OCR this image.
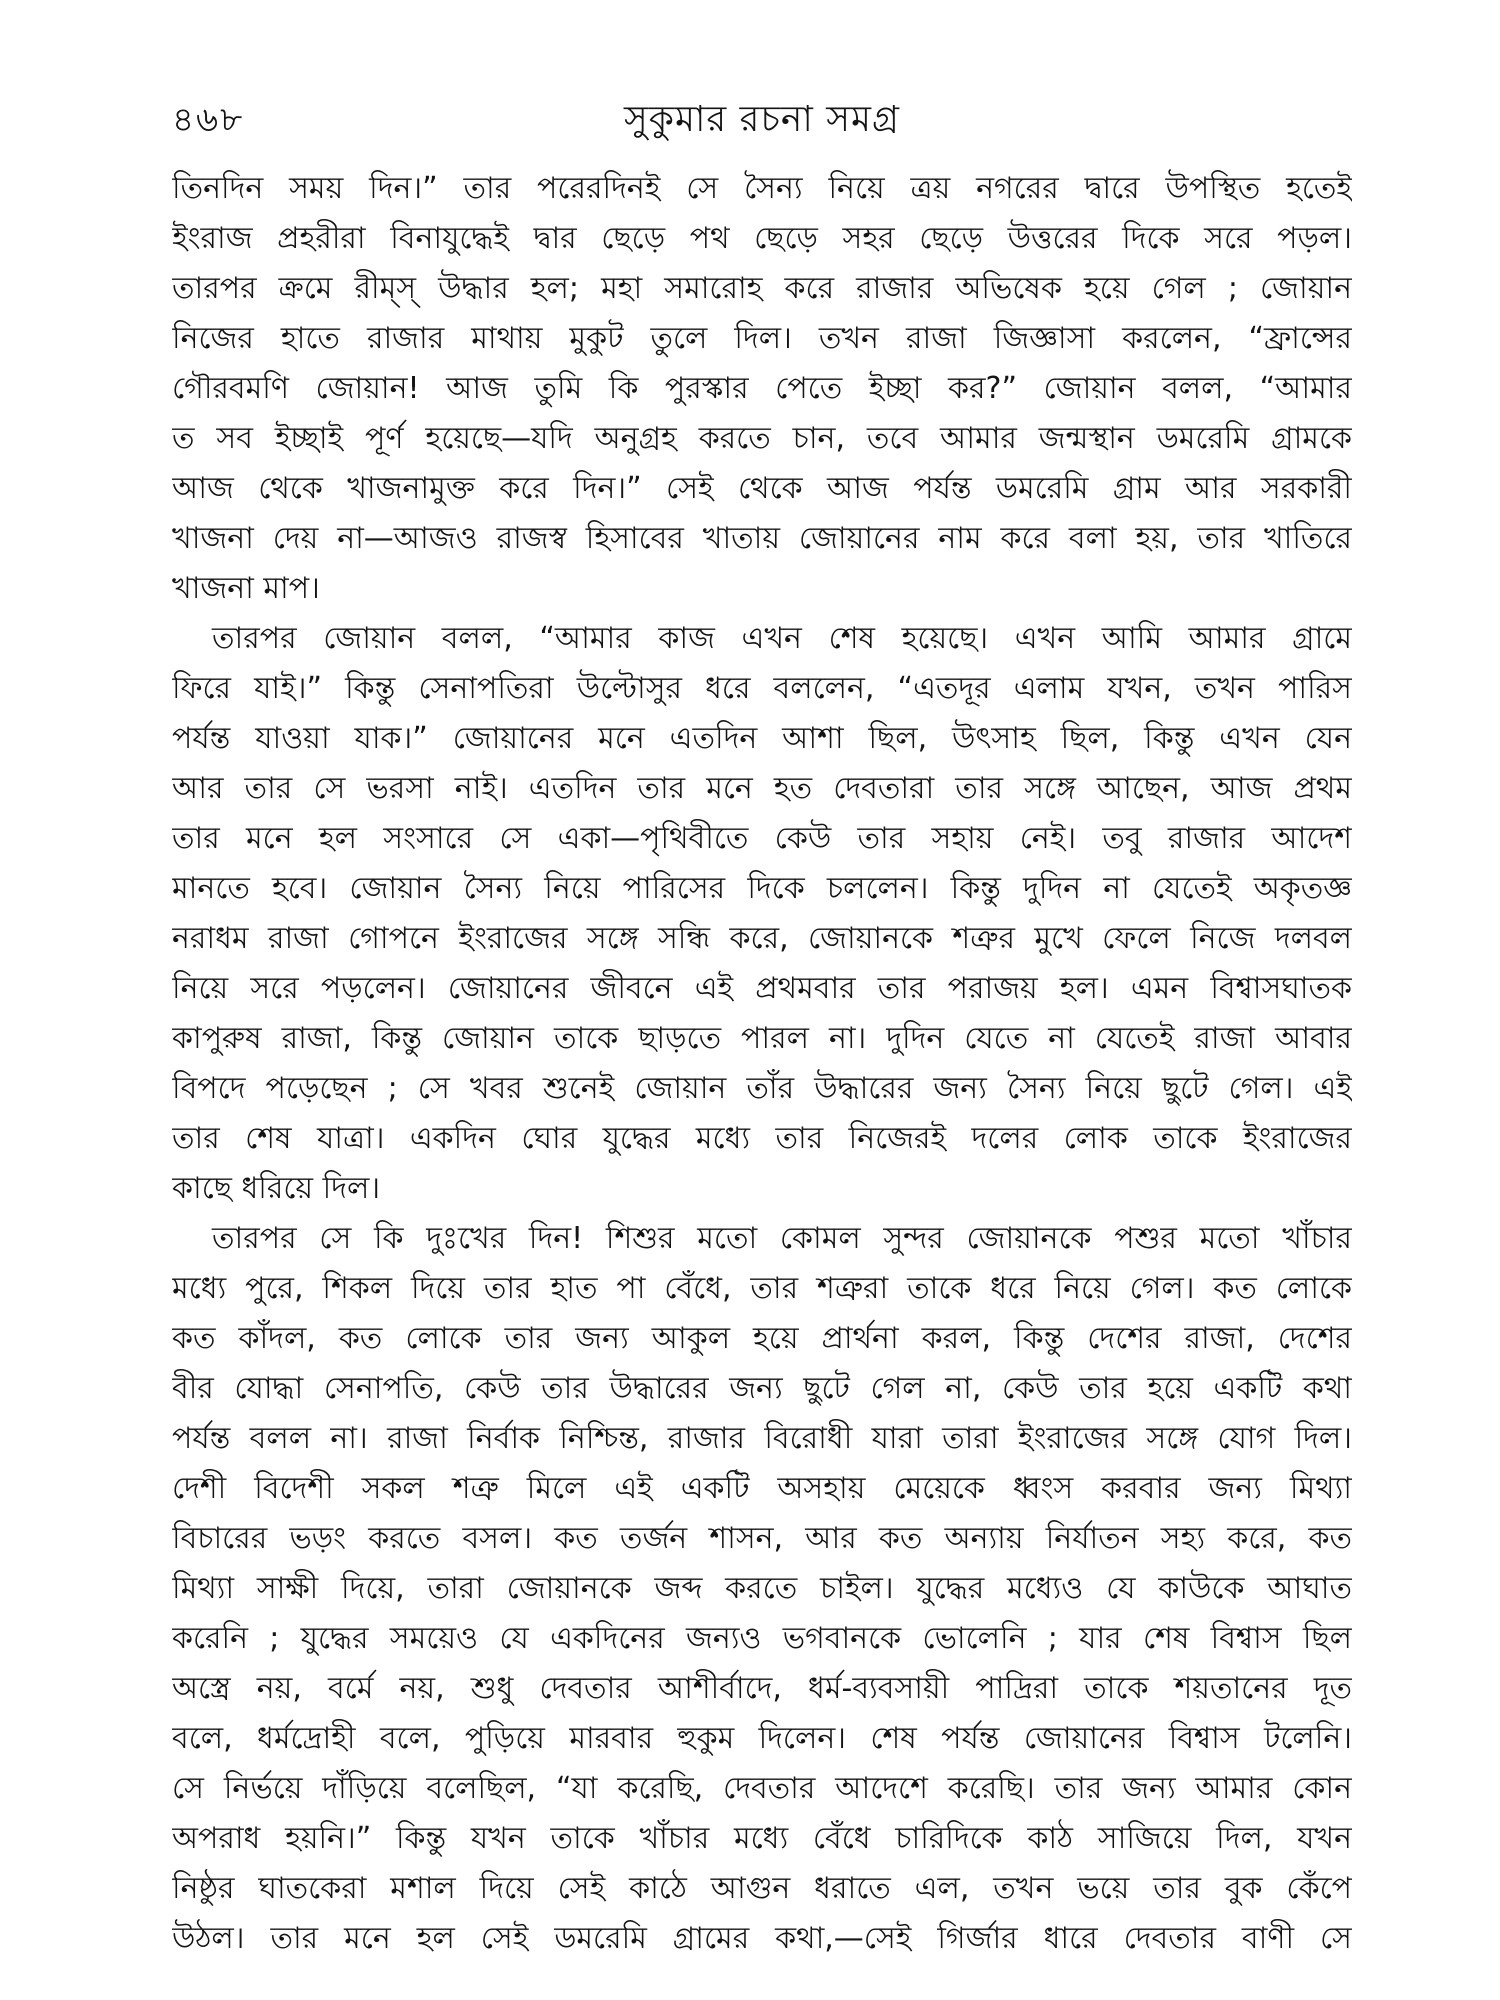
৪৬৮	সুকুমার রচনা সমগ্র
তিনদিন সময় দিন।” তার পরেরদিনই সে সৈন্য নিয়ে ত্রয় নগরের দ্বারে উপস্থিত হতেই
ইংরাজ প্রহরীরা বিনাযুদ্ধেই দ্বার ছেড়ে পথ ছেড়ে সহর ছেড়ে উত্তরের দিকে সরে পড়ল।
তারপর ক্রমে রীম্‌স্‌ উদ্ধার হল; মহা সমারোহ করে রাজার অভিষেক হয়ে গেল ; জোয়ান
নিজের হাতে রাজার মাথায় মুকুট তুলে দিল। তখন রাজা জিজ্ঞাসা করলেন, “ফ্রান্সের
গৌরবমণি জোয়ান! আজ তুমি কি পুরস্কার পেতে ইচ্ছা কর?” জোয়ান বলল, “আমার
ত সব ইচ্ছাই পূর্ণ হয়েছে—যদি অনুগ্রহ করতে চান, তবে আমার জন্মস্থান ডমরেমি গ্রামকে
আজ থেকে খাজনামুক্ত করে দিন।” সেই থেকে আজ পর্যন্ত ডমরেমি গ্রাম আর সরকারী
খাজনা দেয় না—আজও রাজস্ব হিসাবের খাতায় জোয়ানের নাম করে বলা হয়, তার খাতিরে
খাজনা মাপ।
তারপর জোয়ান বলল, “আমার কাজ এখন শেষ হয়েছে। এখন আমি আমার গ্রামে
ফিরে যাই।” কিন্তু সেনাপতিরা উল্টোসুর ধরে বললেন, “এতদূর এলাম যখন, তখন পারিস
পর্যন্ত যাওয়া যাক।” জোয়ানের মনে এতদিন আশা ছিল, উৎসাহ ছিল, কিন্তু এখন যেন
আর তার সে ভরসা নাই। এতদিন তার মনে হত দেবতারা তার সঙ্গে আছেন, আজ প্রথম
তার মনে হল সংসারে সে একা—পৃথিবীতে কেউ তার সহায় নেই। তবু রাজার আদেশ
মানতে হবে। জোয়ান সৈন্য নিয়ে পারিসের দিকে চললেন। কিন্তু দুদিন না যেতেই অকৃতজ্ঞ
নরাধম রাজা গোপনে ইংরাজের সঙ্গে সন্ধি করে, জোয়ানকে শত্রুর মুখে ফেলে নিজে দলবল
নিয়ে সরে পড়লেন। জোয়ানের জীবনে এই প্রথমবার তার পরাজয় হল। এমন বিশ্বাসঘাতক
কাপুরুষ রাজা, কিন্তু জোয়ান তাকে ছাড়তে পারল না। দুদিন যেতে না যেতেই রাজা আবার
বিপদে পড়েছেন ; সে খবর শুনেই জোয়ান তাঁর উদ্ধারের জন্য সৈন্য নিয়ে ছুটে গেল। এই
তার শেষ যাত্রা। একদিন ঘোর যুদ্ধের মধ্যে তার নিজেরই দলের লোক তাকে ইংরাজের
কাছে ধরিয়ে দিল।
তারপর সে কি দুঃখের দিন! শিশুর মতো কোমল সুন্দর জোয়ানকে পশুর মতো খাঁচার
মধ্যে পুরে, শিকল দিয়ে তার হাত পা বেঁধে, তার শত্রুরা তাকে ধরে নিয়ে গেল। কত লোকে
কত কাঁদল, কত লোকে তার জন্য আকুল হয়ে প্রার্থনা করল, কিন্তু দেশের রাজা, দেশের
বীর যোদ্ধা সেনাপতি, কেউ তার উদ্ধারের জন্য ছুটে গেল না, কেউ তার হয়ে একটি কথা
পর্যন্ত বলল না। রাজা নির্বাক নিশ্চিন্ত, রাজার বিরোধী যারা তারা ইংরাজের সঙ্গে যোগ দিল।
দেশী বিদেশী সকল শত্রু মিলে এই একটি অসহায় মেয়েকে ধ্বংস করবার জন্য মিথ্যা
বিচারের ভড়ং করতে বসল। কত তর্জন শাসন, আর কত অন্যায় নির্যাতন সহ্য করে, কত
মিথ্যা সাক্ষী দিয়ে, তারা জোয়ানকে জব্দ করতে চাইল। যুদ্ধের মধ্যেও যে কাউকে আঘাত
করেনি ; যুদ্ধের সময়েও যে একদিনের জন্যও ভগবানকে ভোলেনি ; যার শেষ বিশ্বাস ছিল
অস্ত্রে নয়, বর্মে নয়, শুধু দেবতার আশীর্বাদে, ধর্ম-ব্যবসায়ী পাদ্রিরা তাকে শয়তানের দূত
বলে, ধর্মদ্রোহী বলে, পুড়িয়ে মারবার হুকুম দিলেন। শেষ পর্যন্ত জোয়ানের বিশ্বাস টলেনি।
সে নির্ভয়ে দাঁড়িয়ে বলেছিল, “যা করেছি, দেবতার আদেশে করেছি। তার জন্য আমার কোন
অপরাধ হয়নি।” কিন্তু যখন তাকে খাঁচার মধ্যে বেঁধে চারিদিকে কাঠ সাজিয়ে দিল, যখন
নিষ্ঠুর ঘাতকেরা মশাল দিয়ে সেই কাঠে আগুন ধরাতে এল, তখন ভয়ে তার বুক কেঁপে
উঠল। তার মনে হল সেই ডমরেমি গ্রামের কথা,—সেই গির্জার ধারে দেবতার বাণী সে
